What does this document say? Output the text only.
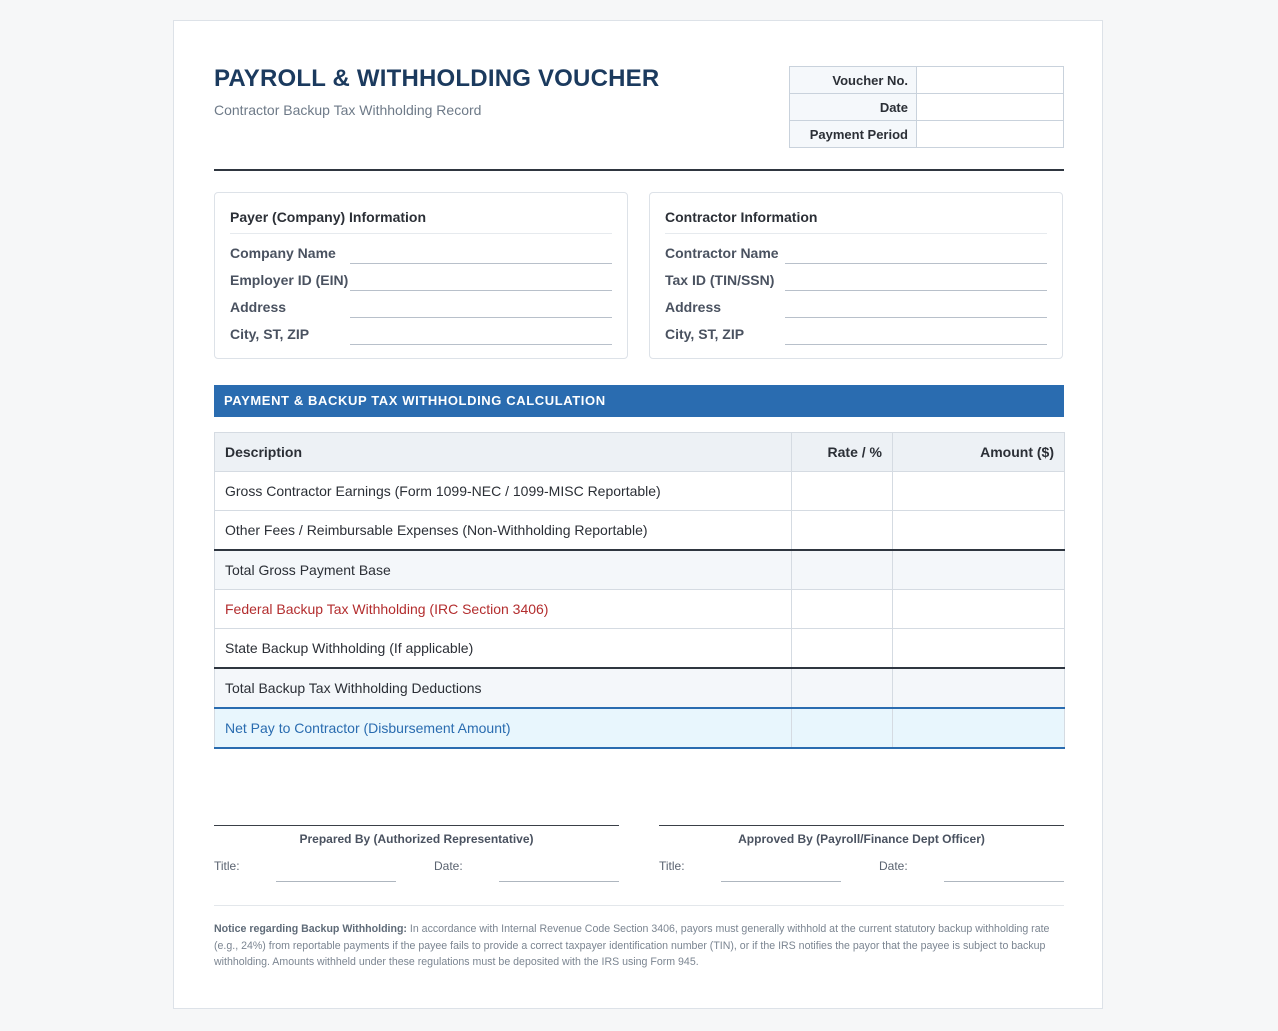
PAYROLL & WITHHOLDING VOUCHER
Contractor Backup Tax Withholding Record
Voucher No.	
Date	
Payment Period	
Payer (Company) Information
Company Name
Employer ID (EIN)
Address
City, ST, ZIP
Contractor Information
Contractor Name
Tax ID (TIN/SSN)
Address
City, ST, ZIP
PAYMENT & BACKUP TAX WITHHOLDING CALCULATION
Description	Rate / %	Amount ($)
Gross Contractor Earnings (Form 1099-NEC / 1099-MISC Reportable)		
Other Fees / Reimbursable Expenses (Non-Withholding Reportable)		
Total Gross Payment Base		
Federal Backup Tax Withholding (IRC Section 3406)		
State Backup Withholding (If applicable)		
Total Backup Tax Withholding Deductions		
Net Pay to Contractor (Disbursement Amount)		
Prepared By (Authorized Representative)
Title:	Date:
Approved By (Payroll/Finance Dept Officer)
Title:	Date:
Notice regarding Backup Withholding: In accordance with Internal Revenue Code Section 3406, payors must generally withhold at the current statutory backup withholding rate (e.g., 24%) from reportable payments if the payee fails to provide a correct taxpayer identification number (TIN), or if the IRS notifies the payor that the payee is subject to backup withholding. Amounts withheld under these regulations must be deposited with the IRS using Form 945.
